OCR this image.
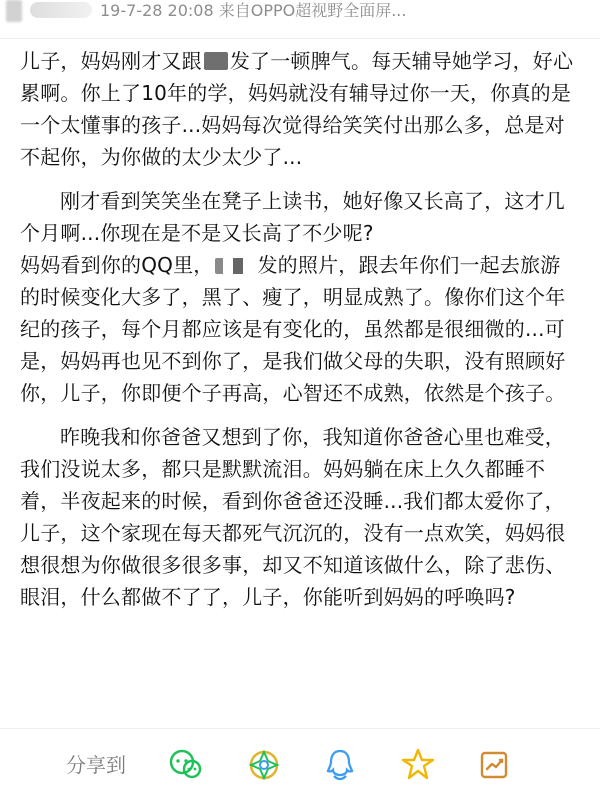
19-7-28 20:08 来自OPPO超视野全面屏...

儿子，妈妈刚才又跟 发了一顿脾气。每天辅导她学习，好心累啊。你上了10年的学，妈妈就没有辅导过你一天，你真的是一个太懂事的孩子...妈妈每次觉得给笑笑付出那么多，总是对不起你，为你做的太少太少了...

刚才看到笑笑坐在凳子上读书，她好像又长高了，这才几个月啊...你现在是不是又长高了不少呢?

妈妈看到你的QQ里， 发的照片，跟去年你们一起去旅游的时候变化大多了，黑了、瘦了，明显成熟了。像你们这个年纪的孩子，每个月都应该是有变化的，虽然都是很细微的...可是，妈妈再也见不到你了，是我们做父母的失职，没有照顾好你，儿子，你即便个子再高，心智还不成熟，依然是个孩子。

昨晚我和你爸爸又想到了你，我知道你爸爸心里也难受，我们没说太多，都只是默默流泪。妈妈躺在床上久久都睡不着，半夜起来的时候，看到你爸爸还没睡...我们都太爱你了，儿子，这个家现在每天都死气沉沉的，没有一点欢笑，妈妈很想很想为你做很多很多事，却又不知道该做什么，除了悲伤、眼泪，什么都做不了了，儿子，你能听到妈妈的呼唤吗?

分享到
